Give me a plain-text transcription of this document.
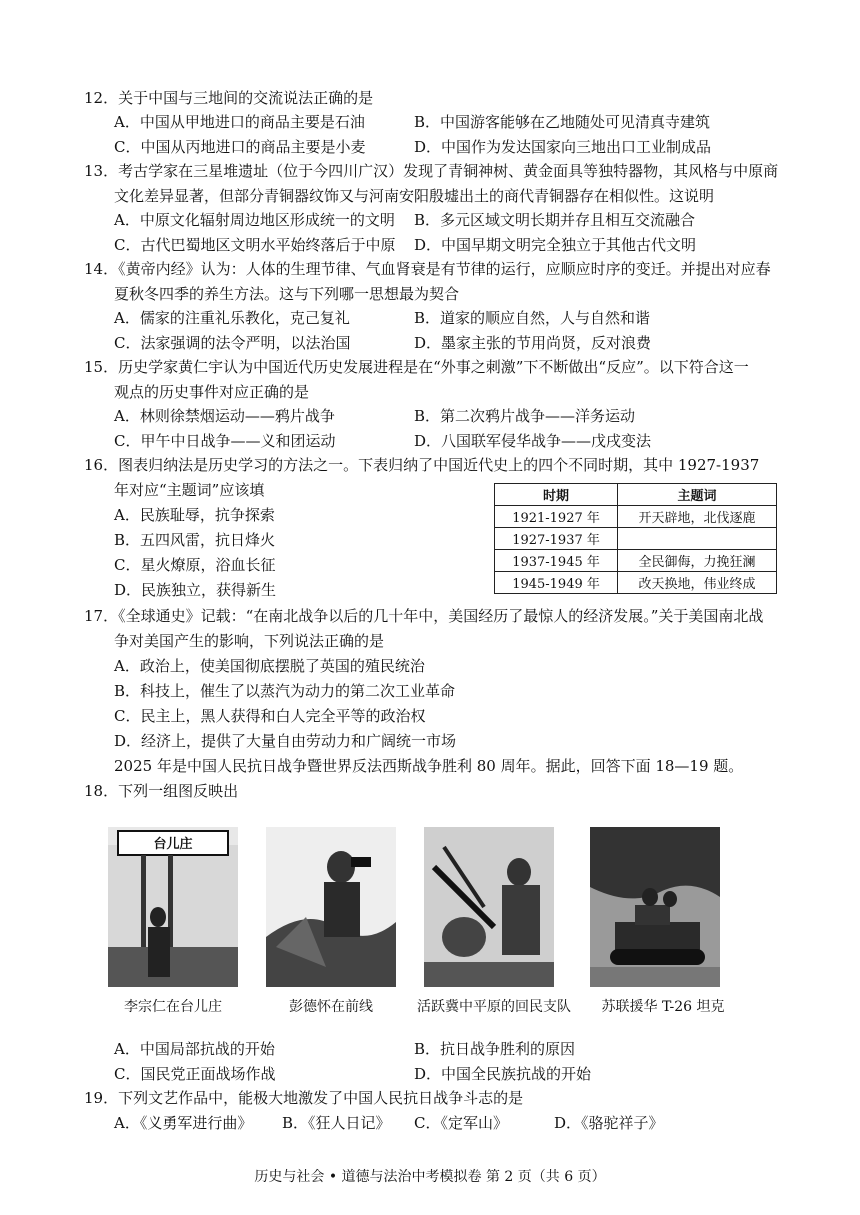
12．关于中国与三地间的交流说法正确的是
A．中国从甲地进口的商品主要是石油	B．中国游客能够在乙地随处可见清真寺建筑
C．中国从丙地进口的商品主要是小麦	D．中国作为发达国家向三地出口工业制成品
13．考古学家在三星堆遗址（位于今四川广汉）发现了青铜神树、黄金面具等独特器物，其风格与中原商
文化差异显著，但部分青铜器纹饰又与河南安阳殷墟出土的商代青铜器存在相似性。这说明
A．中原文化辐射周边地区形成统一的文明 B．多元区域文明长期并存且相互交流融合
C．古代巴蜀地区文明水平始终落后于中原 D．中国早期文明完全独立于其他古代文明
14．《黄帝内经》认为：人体的生理节律、气血肾衰是有节律的运行，应顺应时序的变迁。并提出对应春
夏秋冬四季的养生方法。这与下列哪一思想最为契合
A．儒家的注重礼乐教化，克己复礼	B．道家的顺应自然，人与自然和谐
C．法家强调的法令严明，以法治国	D．墨家主张的节用尚贤，反对浪费
15．历史学家黄仁宇认为中国近代历史发展进程是在“外事之刺激”下不断做出“反应”。以下符合这一
观点的历史事件对应正确的是
A．林则徐禁烟运动——鸦片战争	B．第二次鸦片战争——洋务运动
C．甲午中日战争——义和团运动	D．八国联军侵华战争——戊戌变法
16．图表归纳法是历史学习的方法之一。下表归纳了中国近代史上的四个不同时期，其中 1927-1937
年对应“主题词”应该填
A．民族耻辱，抗争探索
B．五四风雷，抗日烽火
C．星火燎原，浴血长征
D．民族独立，获得新生
时期	主题词
1921-1927 年	开天辟地，北伐逐鹿
1927-1937 年	
1937-1945 年	全民御侮，力挽狂澜
1945-1949 年	改天换地，伟业终成
17．《全球通史》记载：“在南北战争以后的几十年中，美国经历了最惊人的经济发展。”关于美国南北战
争对美国产生的影响，下列说法正确的是
A．政治上，使美国彻底摆脱了英国的殖民统治
B．科技上，催生了以蒸汽为动力的第二次工业革命
C．民主上，黑人获得和白人完全平等的政治权
D．经济上，提供了大量自由劳动力和广阔统一市场
2025 年是中国人民抗日战争暨世界反法西斯战争胜利 80 周年。据此，回答下面 18—19 题。
18．下列一组图反映出
台儿庄
李宗仁在台儿庄	彭德怀在前线	活跃冀中平原的回民支队	苏联援华 T-26 坦克
A．中国局部抗战的开始	B．抗日战争胜利的原因
C．国民党正面战场作战	D．中国全民族抗战的开始
19．下列文艺作品中，能极大地激发了中国人民抗日战争斗志的是
A．《义勇军进行曲》 B．《狂人日记》 C．《定军山》	D．《骆驼祥子》
历史与社会 • 道德与法治中考模拟卷 第 2 页（共 6 页）
